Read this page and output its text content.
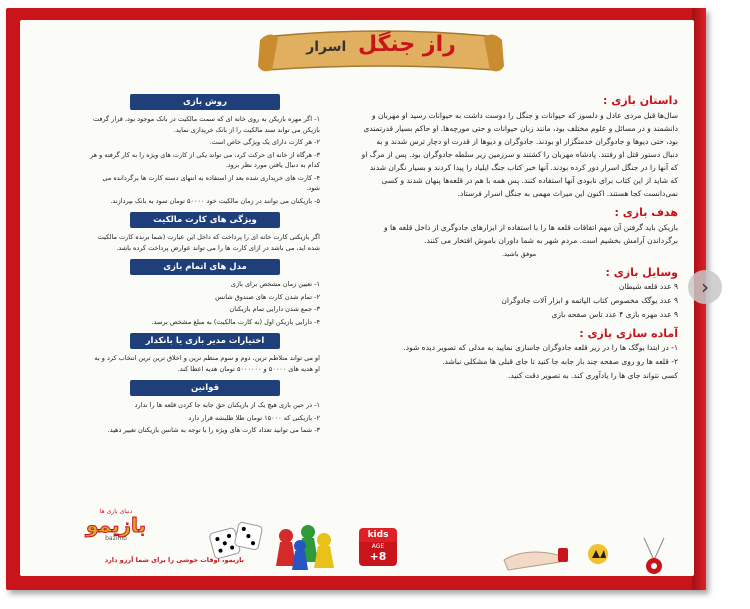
راز جنگل اسرار
روش بازی

۱- اگر مهره بازیکن به روی خانه ای که سمت مالکیت در بانک موجود بود، قرار گرفت بازیکن می تواند سند مالکیت را از بانک خریداری نماید.

۲- هر کارت دارای یک ویژگی خاص است.

۳- هرگاه از خانه ای حرکت کرد، می تواند یکی از کارت های ویژه را به کار گرفته و هر کدام به دنبال یافتن مورد نظر برود.

۴- کارت های خریداری شده بعد از استفاده به انتهای دسته کارت ها برگردانده می شود.

۵- بازیکنان می توانند در زمان مالکیت خود ۵۰۰۰۰ تومان سود به بانک بپردازند.

ویژگی های کارت مالکیت

اگر بازیکنی کارت خانه ای را پرداخت که داخل این عبارت (شما برنده کارت مالکیت شده اید، می باشد در ازای کارت ها را می تواند عوارض پرداخت کرده باشد.

مدل های اتمام بازی

۱- تعیین زمان مشخص برای بازی

۲- تمام شدن کارت های صندوق شانس

۳- جمع شدن دارایی تمام بازیکنان

۴- دارایی بازیکن اول (به کارت مالکیت) به مبلغ مشخص برسد.

اختیارات مدیر بازی یا بانکدار

او می تواند متلاطم ترین، دوم و سوم منظم ترین و اخلاق ترین ترین انتخاب کرد و به او هدیه های ۵۰۰۰۰ و ۵۰۰۰۰۰۰ تومان هدیه اعطا کند.

قوانین

۱- در حین بازی هیچ یک از بازیکنان حق جابه جا کردن قلعه ها را ندارد

۲- بازیکنی که ۱۵۰۰۰ تومان طلا طلبشه قرار دارد

۳- شما می توانید تعداد کارت های ویژه را با توجه به شانس بازیکنان تغییر دهید.

داستان بازی :

سال‌ها قبل مردی عادل و دلسوز که حیوانات و جنگل را دوست داشت به حیوانات رسید او مهربان و دانشمند و در مسائل و علوم مختلف بود، مانند زبان حیوانات و حتی مورچه‌ها. او حاکم بسیار قدرتمندی بود، حتی دیوها و جادوگران خدمتگزار او بودند. جادوگران و دیوها از قدرت او دچار ترس شدند و به دنبال دستور قتل او رفتند. پادشاه مهربان را کشتند و سرزمین زیر سلطه جادوگران بود. پس از مرگ او که آنها را در جنگل اسرار دور کرده بودند. آنها خبر کتاب جنگ ایلیاد را پیدا کردند و بسیار نگران شدند که شاید از این کتاب برای نابودی آنها استفاده کنند. پس همه با هم در قلعه‌ها پنهان شدند و کسی نمی‌دانست کجا هستند. اکنون این میراث مهمی به جنگل اسرار فرستاد.

هدف بازی :

بازیکن باید گرفتن آن مهم اتفاقات قلعه ها را با استفاده از ابزارهای جادوگری از داخل قلعه ها و برگرداندن آرامش بخشیم است. مردم شهر به شما داوران باموش افتخار می کنند.

موفق باشید.

وسایل بازی :

۹ عدد قلعه شیطان

۹ عدد یوگک مخصوص کتاب الیاتمه و ابزار آلات جادوگران

۹ عدد مهره بازی ۴ عدد تاس صفحه بازی

آماده سازی بازی :

۱- در ابتدا یوگک ها را در زیر قلعه جادوگران جاسازی نمایید به مدلی که تصویر دیده شود.

۲- قلعه ها رو روی صفحه چند بار جابه جا کنید تا جای قبلی ها مشکلی نباشد.

کسی نتواند جای ها را یادآوری کند. به تصویر دقت کنید.

دنیای بازی ها
بازیمو
bazimo
بازیمو، اوقات خوشی را برای شما آرزو دارد
kids
AGE
+8
›
